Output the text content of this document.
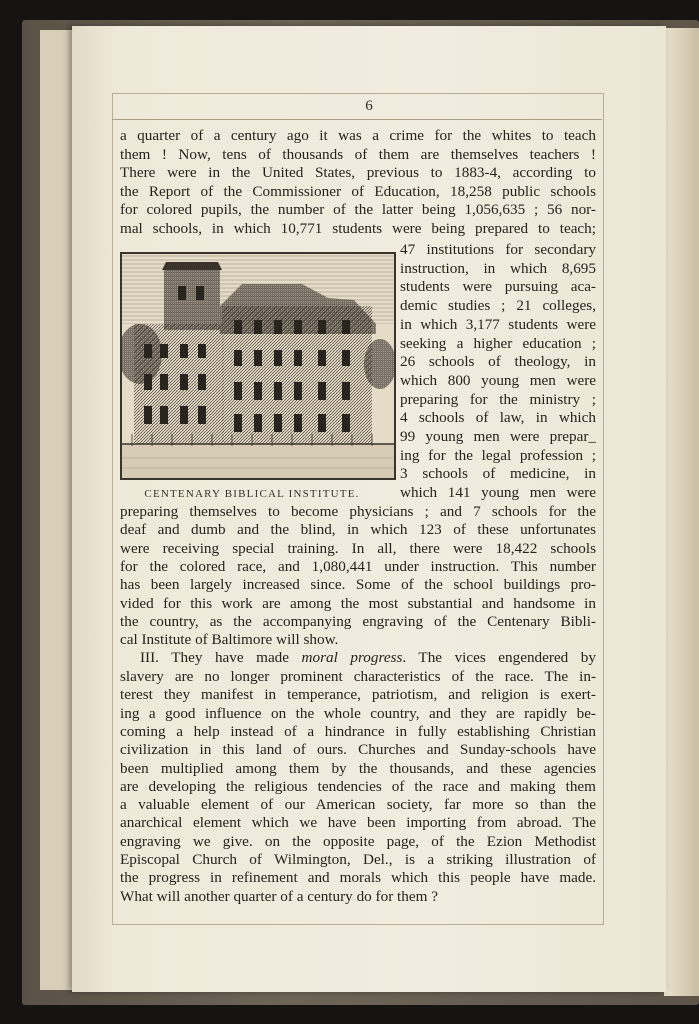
6
a quarter of a century ago it was a crime for the whites to teach
them ! Now, tens of thousands of them are themselves teachers !
There were in the United States, previous to 1883-4, according to
the Report of the Commissioner of Education, 18,258 public schools
for colored pupils, the number of the latter being 1,056,635 ; 56 nor-
mal schools, in which 10,771 students were being prepared to teach;
47 institutions for secondary
instruction, in which 8,695
students were pursuing aca-
demic studies ; 21 colleges,
in which 3,177 students were
seeking a higher education ;
26 schools of theology, in
which 800 young men were
preparing for the ministry ;
4 schools of law, in which
99 young men were prepar_
ing for the legal profession ;
3 schools of medicine, in
which 141 young men were
CENTENARY BIBLICAL INSTITUTE.
preparing themselves to become physicians ; and 7 schools for the
deaf and dumb and the blind, in which 123 of these unfortunates
were receiving special training. In all, there were 18,422 schools
for the colored race, and 1,080,441 under instruction. This number
has been largely increased since. Some of the school buildings pro-
vided for this work are among the most substantial and handsome in
the country, as the accompanying engraving of the Centenary Bibli-
cal Institute of Baltimore will show.
III. They have made moral progress. The vices engendered by
slavery are no longer prominent characteristics of the race. The in-
terest they manifest in temperance, patriotism, and religion is exert-
ing a good influence on the whole country, and they are rapidly be-
coming a help instead of a hindrance in fully establishing Christian
civilization in this land of ours. Churches and Sunday-schools have
been multiplied among them by the thousands, and these agencies
are developing the religious tendencies of the race and making them
a valuable element of our American society, far more so than the
anarchical element which we have been importing from abroad. The
engraving we give. on the opposite page, of the Ezion Methodist
Episcopal Church of Wilmington, Del., is a striking illustration of
the progress in refinement and morals which this people have made.
What will another quarter of a century do for them ?
